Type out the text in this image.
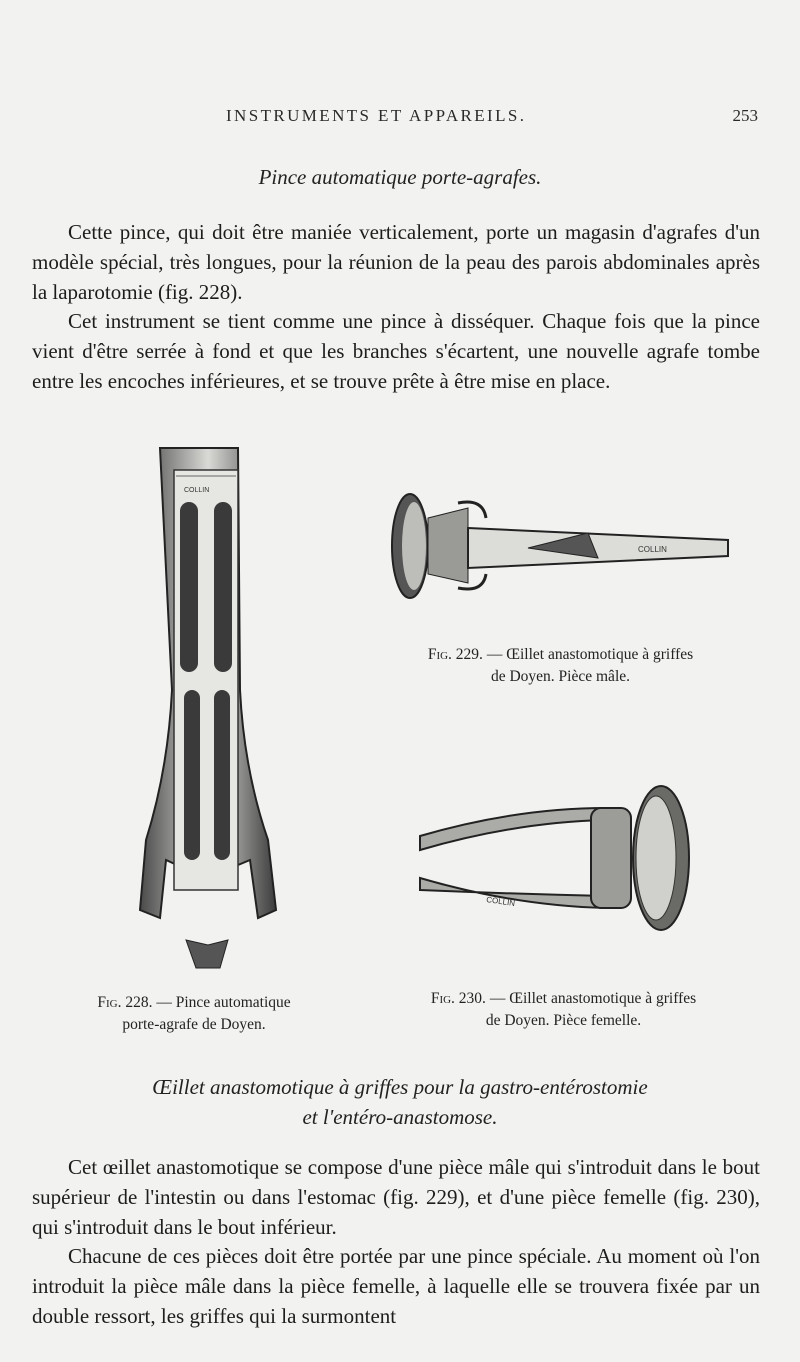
INSTRUMENTS ET APPAREILS.	253
Pince automatique porte-agrafes.

Cette pince, qui doit être maniée verticalement, porte un magasin d'agrafes d'un modèle spécial, très longues, pour la réunion de la peau des parois abdominales après la laparotomie (fig. 228).

Cet instrument se tient comme une pince à disséquer. Chaque fois que la pince vient d'être serrée à fond et que les branches s'écartent, une nouvelle agrafe tombe entre les encoches inférieures, et se trouve prête à être mise en place.

COLLIN
COLLIN
Fig. 229. — Œillet anastomotique à griffes
de Doyen. Pièce mâle.
COLLIN
Fig. 228. — Pince automatique
porte-agrafe de Doyen.
Fig. 230. — Œillet anastomotique à griffes
de Doyen. Pièce femelle.
Œillet anastomotique à griffes pour la gastro-entérostomie
et l'entéro-anastomose.

Cet œillet anastomotique se compose d'une pièce mâle qui s'introduit dans le bout supérieur de l'intestin ou dans l'estomac (fig. 229), et d'une pièce femelle (fig. 230), qui s'introduit dans le bout inférieur.

Chacune de ces pièces doit être portée par une pince spéciale. Au moment où l'on introduit la pièce mâle dans la pièce femelle, à laquelle elle se trouvera fixée par un double ressort, les griffes qui la surmontent
